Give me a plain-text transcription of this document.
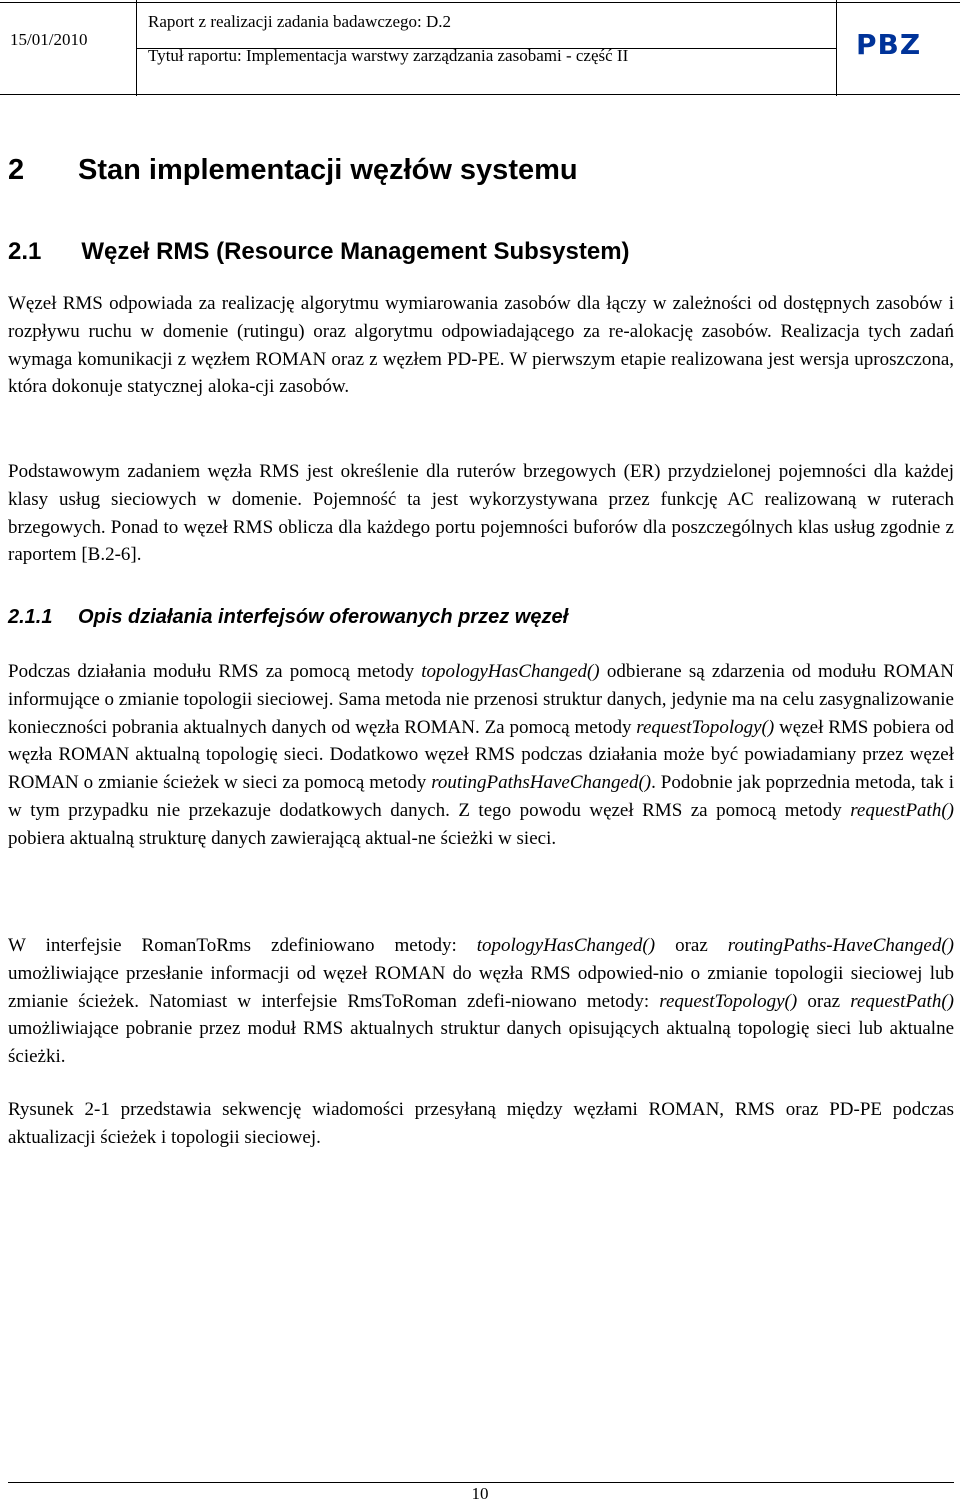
15/01/2010
Raport z realizacji zadania badawczego: D.2
Tytuł raportu: Implementacja warstwy zarządzania zasobami - część II	PBZ
2 Stan implementacji węzłów systemu
2.1 Węzeł RMS (Resource Management Subsystem)
Węzeł RMS odpowiada za realizację algorytmu wymiarowania zasobów dla łączy w zależności od dostępnych zasobów i rozpływu ruchu w domenie (rutingu) oraz algorytmu odpowiadającego za re-alokację zasobów. Realizacja tych zadań wymaga komunikacji z węzłem ROMAN oraz z węzłem PD-PE. W pierwszym etapie realizowana jest wersja uproszczona, która dokonuje statycznej aloka-cji zasobów.
Podstawowym zadaniem węzła RMS jest określenie dla ruterów brzegowych (ER) przydzielonej pojemności dla każdej klasy usług sieciowych w domenie. Pojemność ta jest wykorzystywana przez funkcję AC realizowaną w ruterach brzegowych. Ponad to węzeł RMS oblicza dla każdego portu pojemności buforów dla poszczególnych klas usług zgodnie z raportem [B.2-6].
2.1.1 Opis działania interfejsów oferowanych przez węzeł
Podczas działania modułu RMS za pomocą metody topologyHasChanged() odbierane są zdarzenia od modułu ROMAN informujące o zmianie topologii sieciowej. Sama metoda nie przenosi struktur danych, jedynie ma na celu zasygnalizowanie konieczności pobrania aktualnych danych od węzła ROMAN. Za pomocą metody requestTopology() węzeł RMS pobiera od węzła ROMAN aktualną topologię sieci. Dodatkowo węzeł RMS podczas działania może być powiadamiany przez węzeł ROMAN o zmianie ścieżek w sieci za pomocą metody routingPathsHaveChanged(). Podobnie jak poprzednia metoda, tak i w tym przypadku nie przekazuje dodatkowych danych. Z tego powodu węzeł RMS za pomocą metody requestPath() pobiera aktualną strukturę danych zawierającą aktual-ne ścieżki w sieci.
W interfejsie RomanToRms zdefiniowano metody: topologyHasChanged() oraz routingPaths-HaveChanged() umożliwiające przesłanie informacji od węzeł ROMAN do węzła RMS odpowied-nio o zmianie topologii sieciowej lub zmianie ścieżek. Natomiast w interfejsie RmsToRoman zdefi-niowano metody: requestTopology() oraz requestPath() umożliwiające pobranie przez moduł RMS aktualnych struktur danych opisujących aktualną topologię sieci lub aktualne ścieżki.
Rysunek 2-1 przedstawia sekwencję wiadomości przesyłaną między węzłami ROMAN, RMS oraz PD-PE podczas aktualizacji ścieżek i topologii sieciowej.
10
